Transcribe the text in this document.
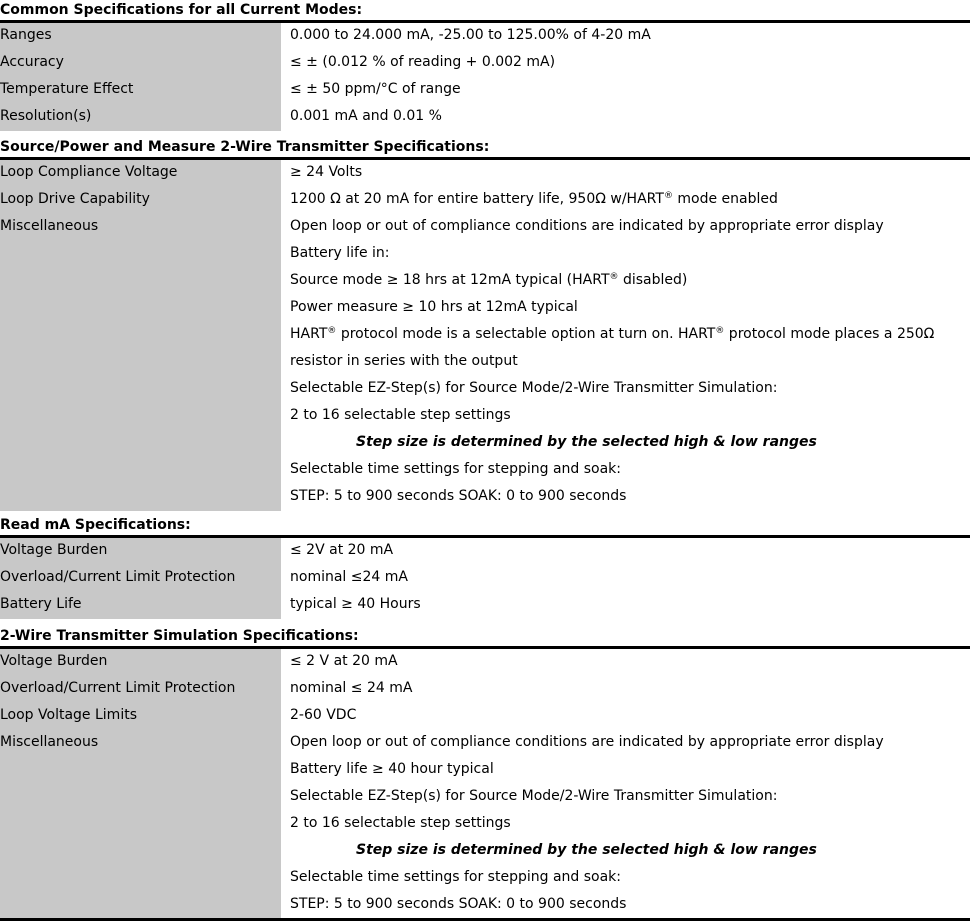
Common Specifications for all Current Modes:
Ranges	0.000 to 24.000 mA, -25.00 to 125.00% of 4-20 mA
Accuracy	≤ ± (0.012 % of reading + 0.002 mA)
Temperature Effect	≤ ± 50 ppm/°C of range
Resolution(s)	0.001 mA and 0.01 %
Source/Power and Measure 2-Wire Transmitter Specifications:
Loop Compliance Voltage	≥ 24 Volts
Loop Drive Capability	1200 Ω at 20 mA for entire battery life, 950Ω w/HART® mode enabled
Miscellaneous	Open loop or out of compliance conditions are indicated by appropriate error display
Battery life in:
Source mode ≥ 18 hrs at 12mA typical (HART® disabled)
Power measure ≥ 10 hrs at 12mA typical
HART® protocol mode is a selectable option at turn on. HART® protocol mode places a 250Ω
resistor in series with the output
Selectable EZ-Step(s) for Source Mode/2-Wire Transmitter Simulation:
2 to 16 selectable step settings
Step size is determined by the selected high & low ranges
Selectable time settings for stepping and soak:
STEP: 5 to 900 seconds SOAK: 0 to 900 seconds
Read mA Specifications:
Voltage Burden	≤ 2V at 20 mA
Overload/Current Limit Protection	nominal ≤24 mA
Battery Life	typical ≥ 40 Hours
2-Wire Transmitter Simulation Specifications:
Voltage Burden	≤ 2 V at 20 mA
Overload/Current Limit Protection	nominal ≤ 24 mA
Loop Voltage Limits	2-60 VDC
Miscellaneous	Open loop or out of compliance conditions are indicated by appropriate error display
Battery life ≥ 40 hour typical
Selectable EZ-Step(s) for Source Mode/2-Wire Transmitter Simulation:
2 to 16 selectable step settings
Step size is determined by the selected high & low ranges
Selectable time settings for stepping and soak:
STEP: 5 to 900 seconds SOAK: 0 to 900 seconds
